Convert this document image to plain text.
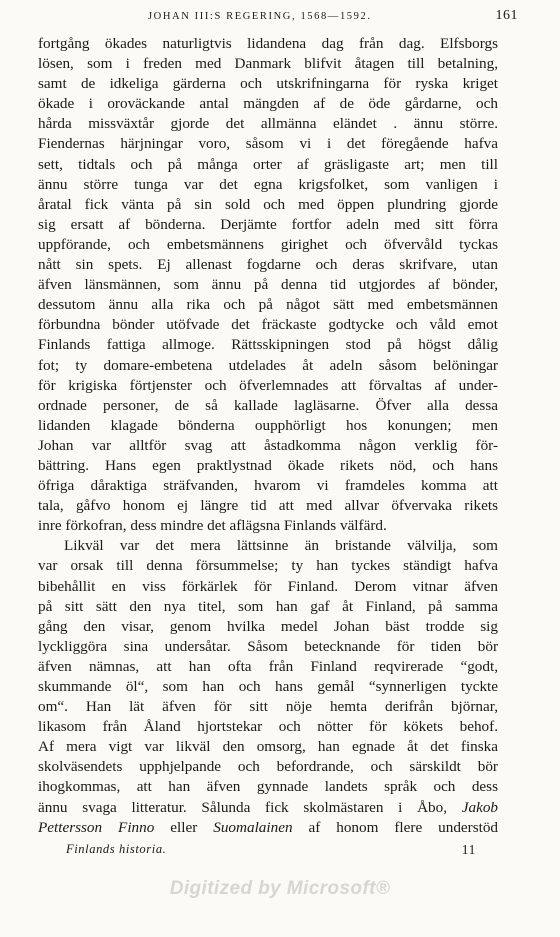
JOHAN III:S REGERING, 1568—1592.	161
fortgång ökades naturligtvis lidandena dag från dag. Elfsborgs
lösen, som i freden med Danmark blifvit åtagen till betalning,
samt de idkeliga gärderna och utskrifningarna för ryska kriget
ökade i oroväckande antal mängden af de öde gårdarne, och
hårda missväxtår gjorde det allmänna eländet . ännu större.
Fiendernas härjningar voro, såsom vi i det föregående hafva
sett, tidtals och på många orter af gräsligaste art; men till
ännu större tunga var det egna krigsfolket, som vanligen i
åratal fick vänta på sin sold och med öppen plundring gjorde
sig ersatt af bönderna. Derjämte fortfor adeln med sitt förra
uppförande, och embetsmännens girighet och öfvervåld tyckas
nått sin spets. Ej allenast fogdarne och deras skrifvare, utan
äfven länsmännen, som ännu på denna tid utgjordes af bönder,
dessutom ännu alla rika och på något sätt med embetsmännen
förbundna bönder utöfvade det fräckaste godtycke och våld emot
Finlands fattiga allmoge. Rättsskipningen stod på högst dålig
fot; ty domare-embetena utdelades åt adeln såsom belöningar
för krigiska förtjenster och öfverlemnades att förvaltas af under-
ordnade personer, de så kallade lagläsarne. Öfver alla dessa
lidanden klagade bönderna oupphörligt hos konungen; men
Johan var alltför svag att åstadkomma någon verklig för-
bättring. Hans egen praktlystnad ökade rikets nöd, och hans
öfriga dåraktiga sträfvanden, hvarom vi framdeles komma att
tala, gåfvo honom ej längre tid att med allvar öfvervaka rikets
inre förkofran, dess mindre det aflägsna Finlands välfärd.
Likväl var det mera lättsinne än bristande välvilja, som
var orsak till denna försummelse; ty han tyckes ständigt hafva
bibehållit en viss förkärlek för Finland. Derom vitnar äfven
på sitt sätt den nya titel, som han gaf åt Finland, på samma
gång den visar, genom hvilka medel Johan bäst trodde sig
lyckliggöra sina undersåtar. Såsom betecknande för tiden bör
äfven nämnas, att han ofta från Finland reqvirerade “godt,
skummande öl“, som han och hans gemål “synnerligen tyckte
om“. Han lät äfven för sitt nöje hemta derifrån björnar,
likasom från Åland hjortstekar och nötter för kökets behof.
Af mera vigt var likväl den omsorg, han egnade åt det finska
skolväsendets upphjelpande och befordrande, och särskildt bör
ihogkommas, att han äfven gynnade landets språk och dess
ännu svaga litteratur. Sålunda fick skolmästaren i Åbo, Jakob
Pettersson Finno eller Suomalainen af honom flere understöd
Finlands historia.	11
Digitized by Microsoft®
